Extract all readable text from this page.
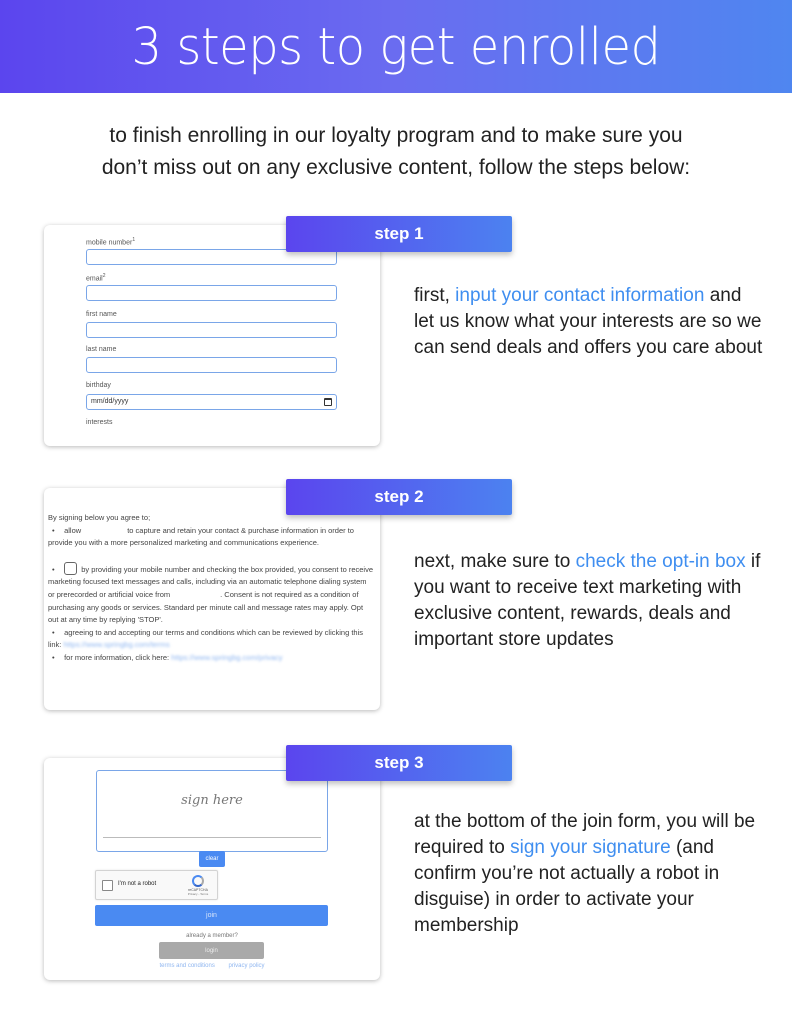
3 steps to get enrolled
to finish enrolling in our loyalty program and to make sure you
don’t miss out on any exclusive content, follow the steps below:
mobile number$^1$
email$^2$
first name
last name
birthday
mm/dd/yyyy
interests
step 1
first, input your contact information and let us know what your interests are so we can send deals and offers you care about

By signing below you agree to;

• allow	to capture and retain your contact & purchase information in order to provide you with a more personalized marketing and communications experience.

•	by providing your mobile number and checking the box provided, you consent to receive marketing focused text messages and calls, including via an automatic telephone dialing system or prerecorded or artificial voice from	. Consent is not required as a condition of purchasing any goods or services. Standard per minute call and message rates may apply. Opt out at any time by replying 'STOP'.

• agreeing to and accepting our terms and conditions which can be reviewed by clicking this link: https://www.springbg.com/terms

• for more information, click here: https://www.springbg.com/privacy

step 2
next, make sure to check the opt-in box if you want to receive text marketing with exclusive content, rewards, deals and important store updates
sign here
clear
I'm not a robot
reCAPTCHA
Privacy - Terms
join
already a member?
login
terms and conditions privacy policy
step 3
at the bottom of the join form, you will be required to sign your signature (and confirm you’re not actually a robot in disguise) in order to activate your membership
